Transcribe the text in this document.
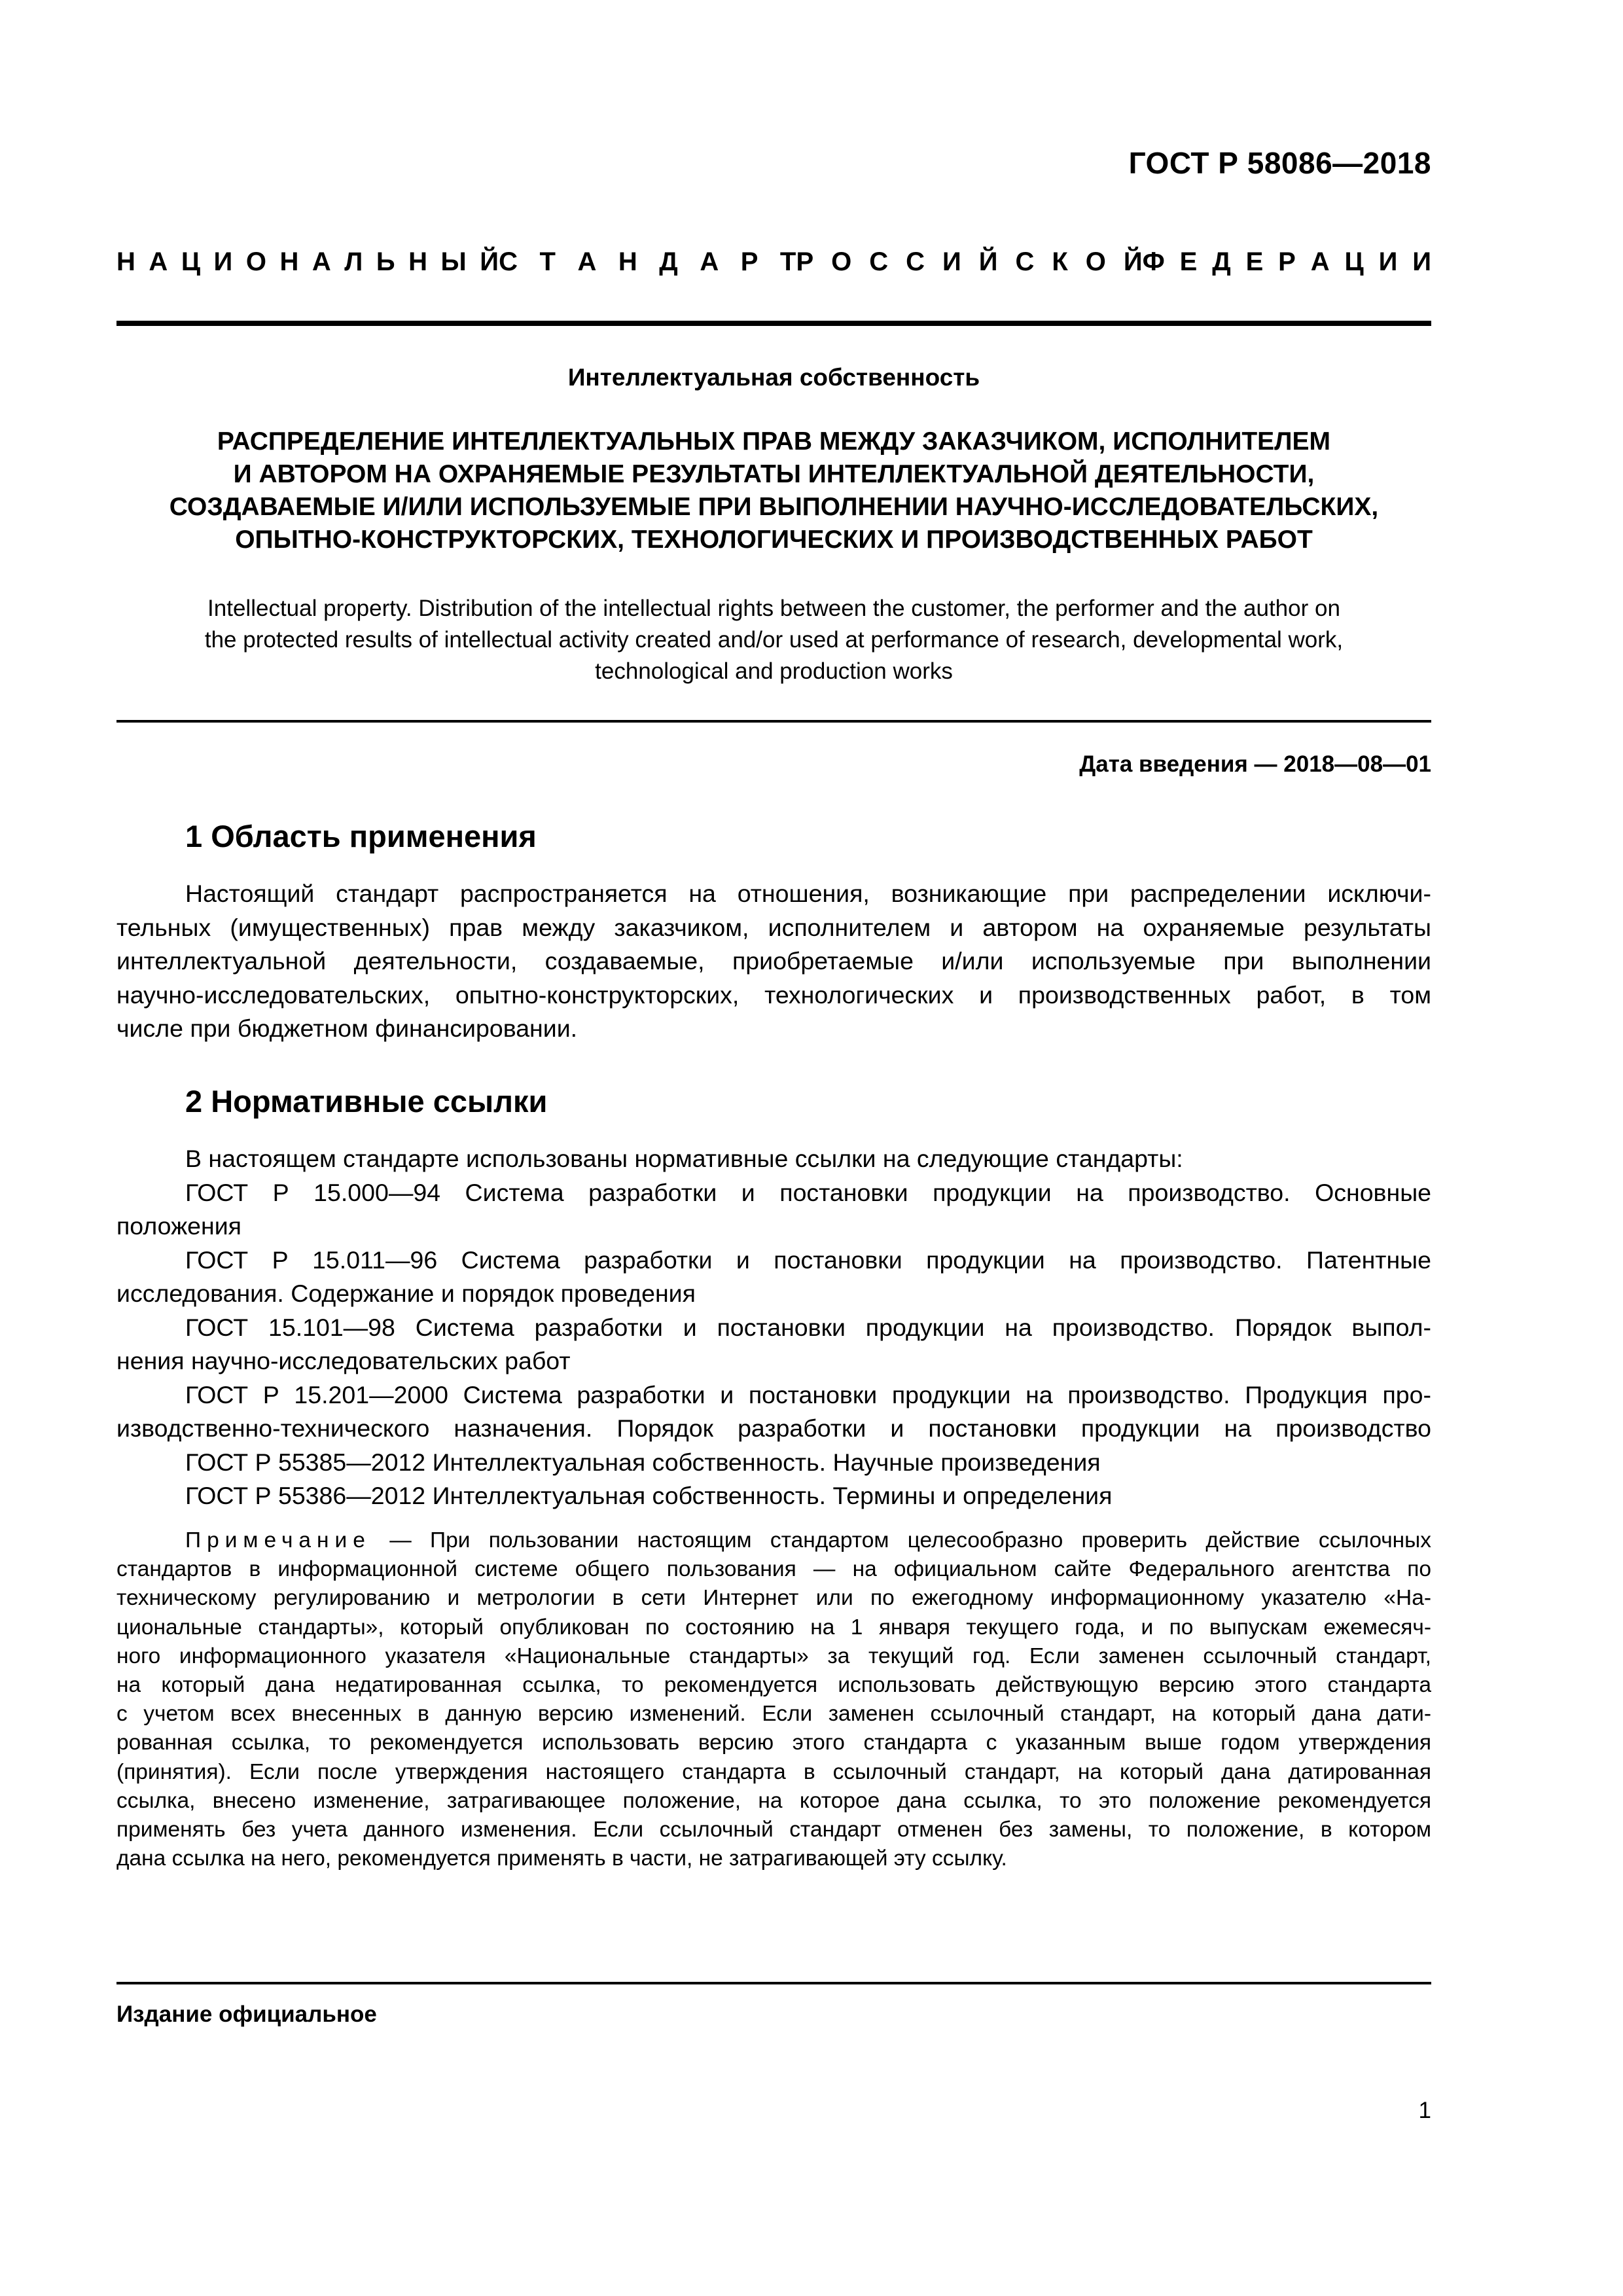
ГОСТ Р 58086—2018
Н А Ц И О Н А Л Ь Н Ы Й С Т А Н Д А Р Т Р О С С И Й С К О Й Ф Е Д Е Р А Ц И И
Интеллектуальная собственность
РАСПРЕДЕЛЕНИЕ ИНТЕЛЛЕКТУАЛЬНЫХ ПРАВ МЕЖДУ ЗАКАЗЧИКОМ, ИСПОЛНИТЕЛЕМ
И АВТОРОМ НА ОХРАНЯЕМЫЕ РЕЗУЛЬТАТЫ ИНТЕЛЛЕКТУАЛЬНОЙ ДЕЯТЕЛЬНОСТИ,
СОЗДАВАЕМЫЕ И/ИЛИ ИСПОЛЬЗУЕМЫЕ ПРИ ВЫПОЛНЕНИИ НАУЧНО-ИССЛЕДОВАТЕЛЬСКИХ,
ОПЫТНО-КОНСТРУКТОРСКИХ, ТЕХНОЛОГИЧЕСКИХ И ПРОИЗВОДСТВЕННЫХ РАБОТ
Intellectual property. Distribution of the intellectual rights between the customer, the performer and the author on
the protected results of intellectual activity created and/or used at performance of research, developmental work,
technological and production works
Дата введения — 2018—08—01
1 Область применения
Настоящий стандарт распространяется на отношения, возникающие при распределении исключи-
тельных (имущественных) прав между заказчиком, исполнителем и автором на охраняемые результаты
интеллектуальной деятельности, создаваемые, приобретаемые и/или используемые при выполнении
научно-исследовательских, опытно-конструкторских, технологических и производственных работ, в том
числе при бюджетном финансировании.
2 Нормативные ссылки
В настоящем стандарте использованы нормативные ссылки на следующие стандарты:
ГОСТ Р 15.000—94 Система разработки и постановки продукции на производство. Основные
положения
ГОСТ Р 15.011—96 Система разработки и постановки продукции на производство. Патентные
исследования. Содержание и порядок проведения
ГОСТ 15.101—98 Система разработки и постановки продукции на производство. Порядок выпол-
нения научно-исследовательских работ
ГОСТ Р 15.201—2000 Система разработки и постановки продукции на производство. Продукция про-
изводственно-технического назначения. Порядок разработки и постановки продукции на производство
ГОСТ Р 55385—2012 Интеллектуальная собственность. Научные произведения
ГОСТ Р 55386—2012 Интеллектуальная собственность. Термины и определения
Примечание — При пользовании настоящим стандартом целесообразно проверить действие ссылочных
стандартов в информационной системе общего пользования — на официальном сайте Федерального агентства по
техническому регулированию и метрологии в сети Интернет или по ежегодному информационному указателю «На-
циональные стандарты», который опубликован по состоянию на 1 января текущего года, и по выпускам ежемесяч-
ного информационного указателя «Национальные стандарты» за текущий год. Если заменен ссылочный стандарт,
на который дана недатированная ссылка, то рекомендуется использовать действующую версию этого стандарта
с учетом всех внесенных в данную версию изменений. Если заменен ссылочный стандарт, на который дана дати-
рованная ссылка, то рекомендуется использовать версию этого стандарта с указанным выше годом утверждения
(принятия). Если после утверждения настоящего стандарта в ссылочный стандарт, на который дана датированная
ссылка, внесено изменение, затрагивающее положение, на которое дана ссылка, то это положение рекомендуется
применять без учета данного изменения. Если ссылочный стандарт отменен без замены, то положение, в котором
дана ссылка на него, рекомендуется применять в части, не затрагивающей эту ссылку.
Издание официальное
1
